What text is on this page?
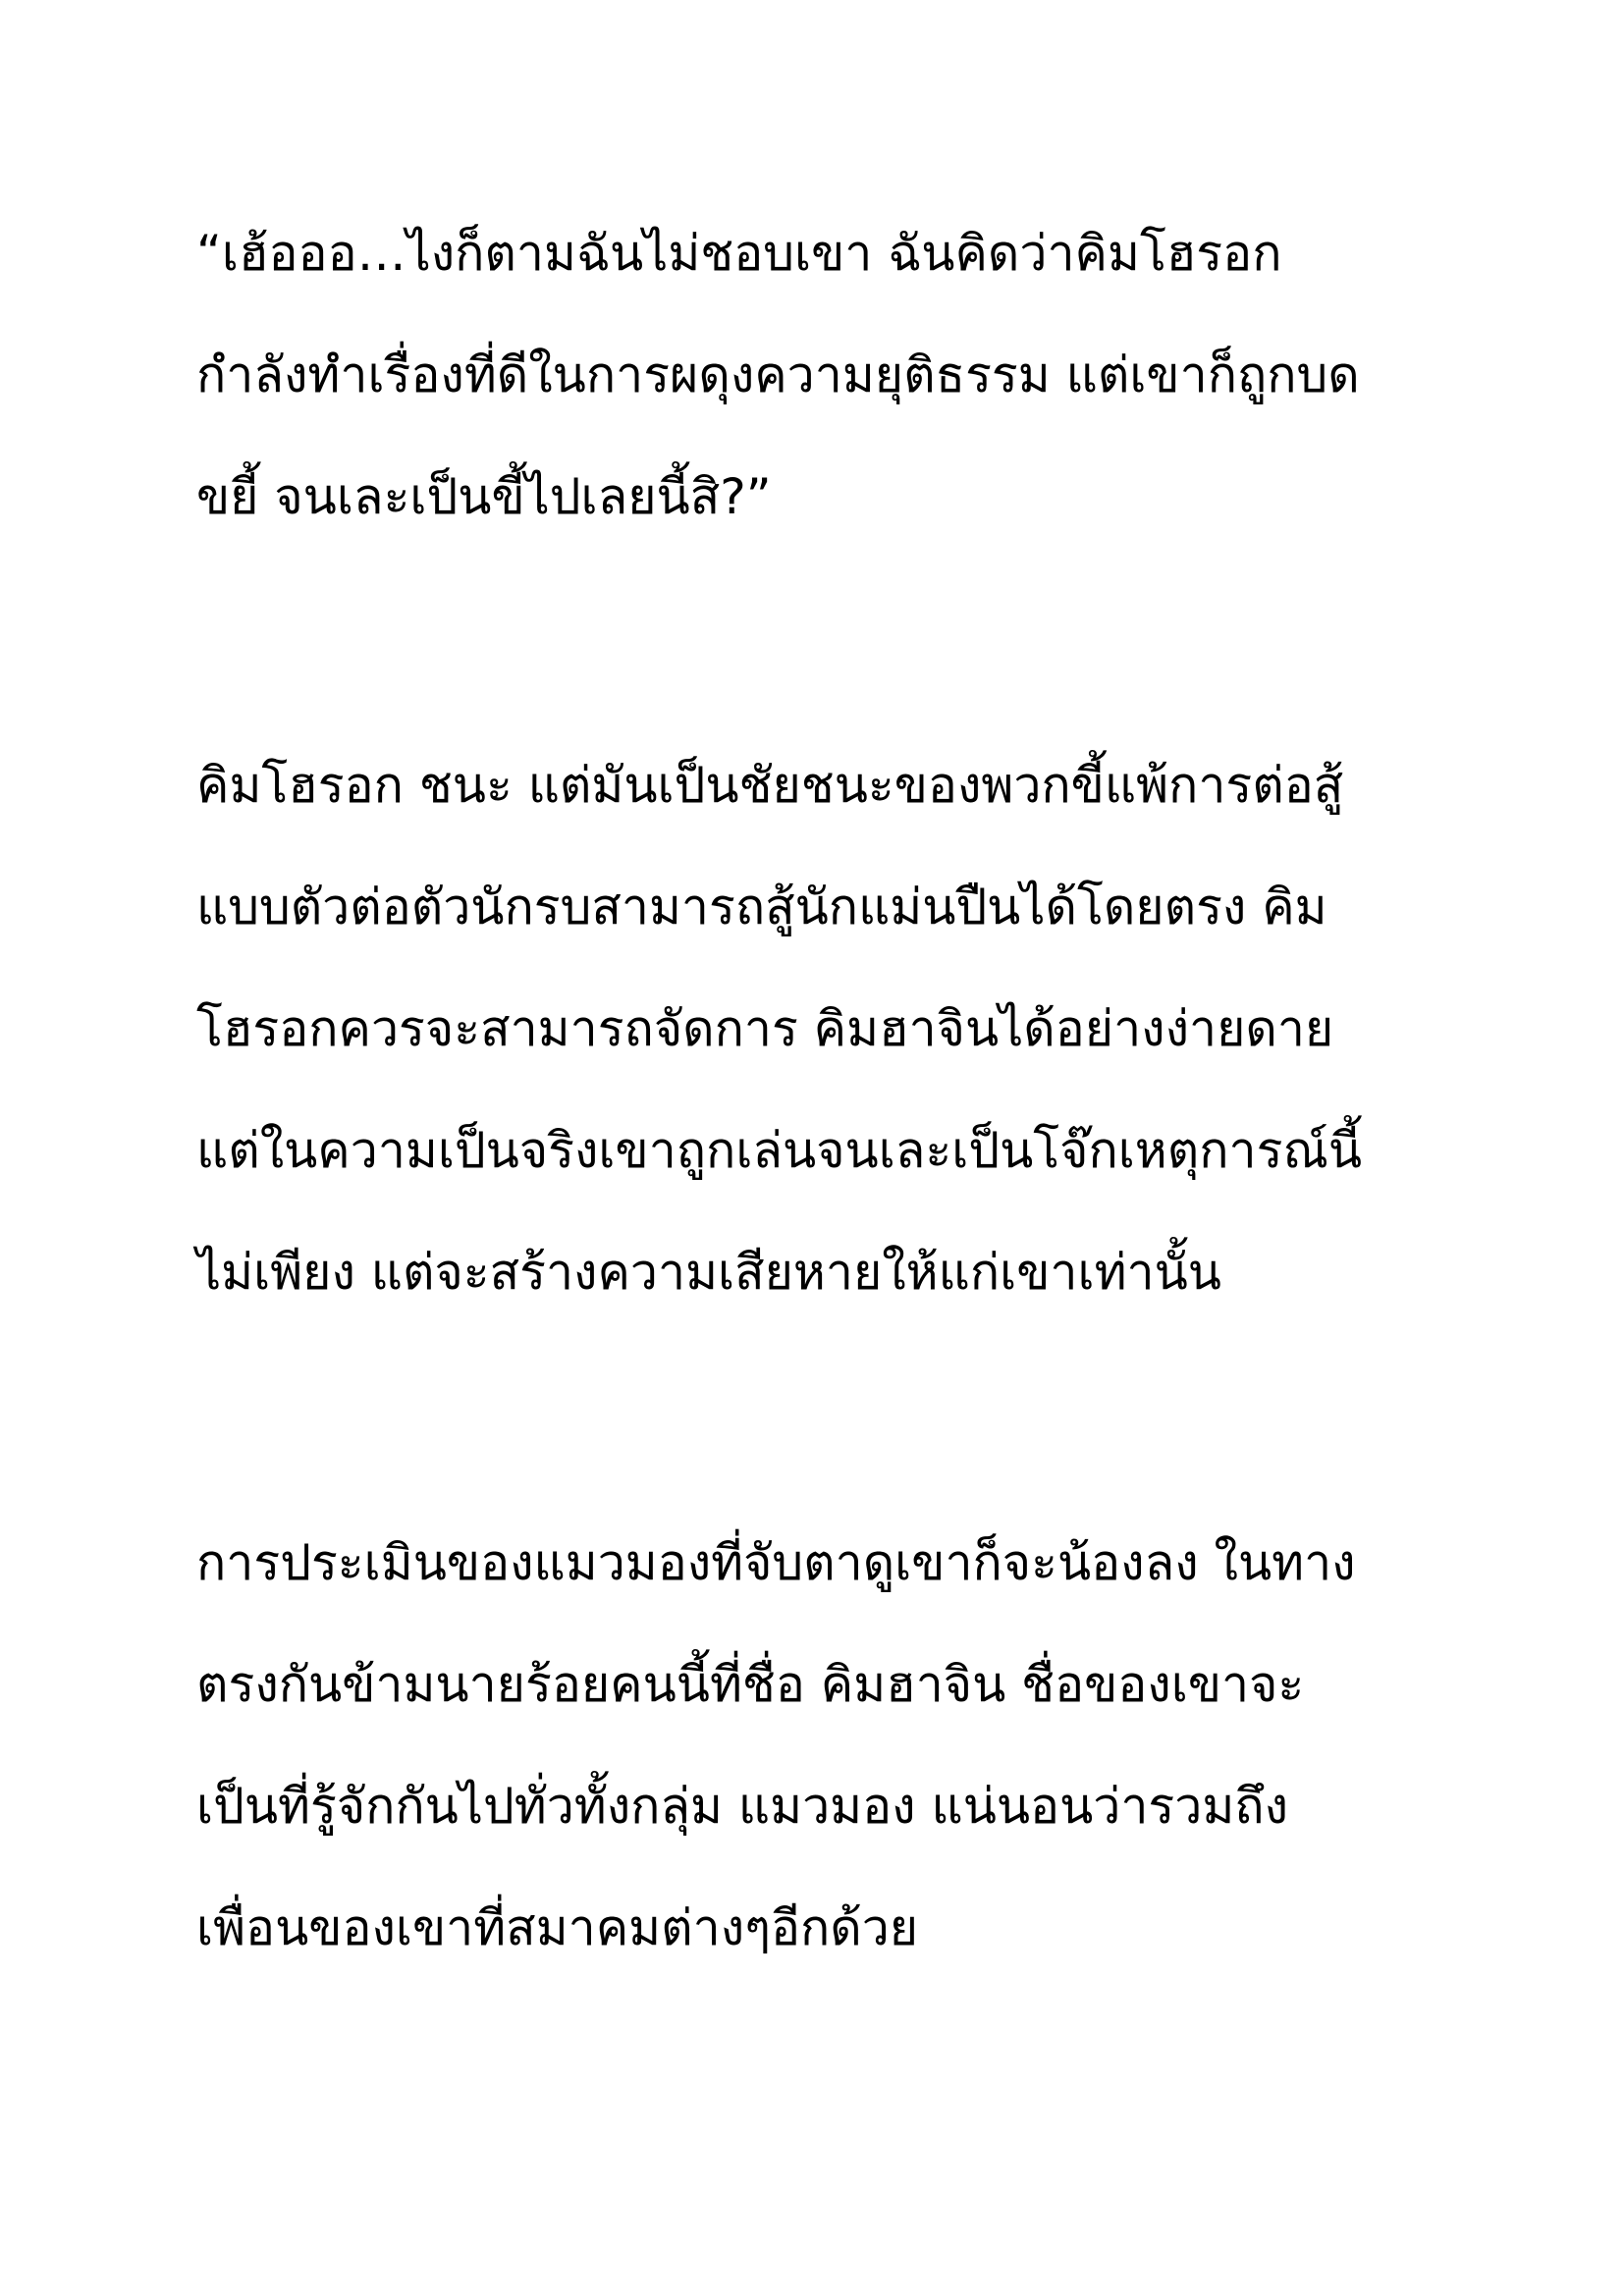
“เฮ้อออ…ไงก็ตามฉันไม่ชอบเขา ฉันคิดว่าคิมโฮรอก
กำลังทำเรื่องที่ดีในการผดุงความยุติธรรม แต่เขาก็ถูกบด
ขยี้ จนเละเป็นขี้ไปเลยนี้สิ?”
คิมโฮรอก ชนะ แต่มันเป็นชัยชนะของพวกขี้แพ้การต่อสู้
แบบตัวต่อตัวนักรบสามารถสู้นักแม่นปืนได้โดยตรง คิม
โฮรอกควรจะสามารถจัดการ คิมฮาจินได้อย่างง่ายดาย
แต่ในความเป็นจริงเขาถูกเล่นจนเละเป็นโจ๊กเหตุการณ์นี้
ไม่เพียง แต่จะสร้างความเสียหายให้แก่เขาเท่านั้น
การประเมินของแมวมองที่จับตาดูเขาก็จะน้องลง ในทาง
ตรงกันข้ามนายร้อยคนนี้ที่ชื่อ คิมฮาจิน ชื่อของเขาจะ
เป็นที่รู้จักกันไปทั่วทั้งกลุ่ม แมวมอง แน่นอนว่ารวมถึง
เพื่อนของเขาที่สมาคมต่างๆอีกด้วย
